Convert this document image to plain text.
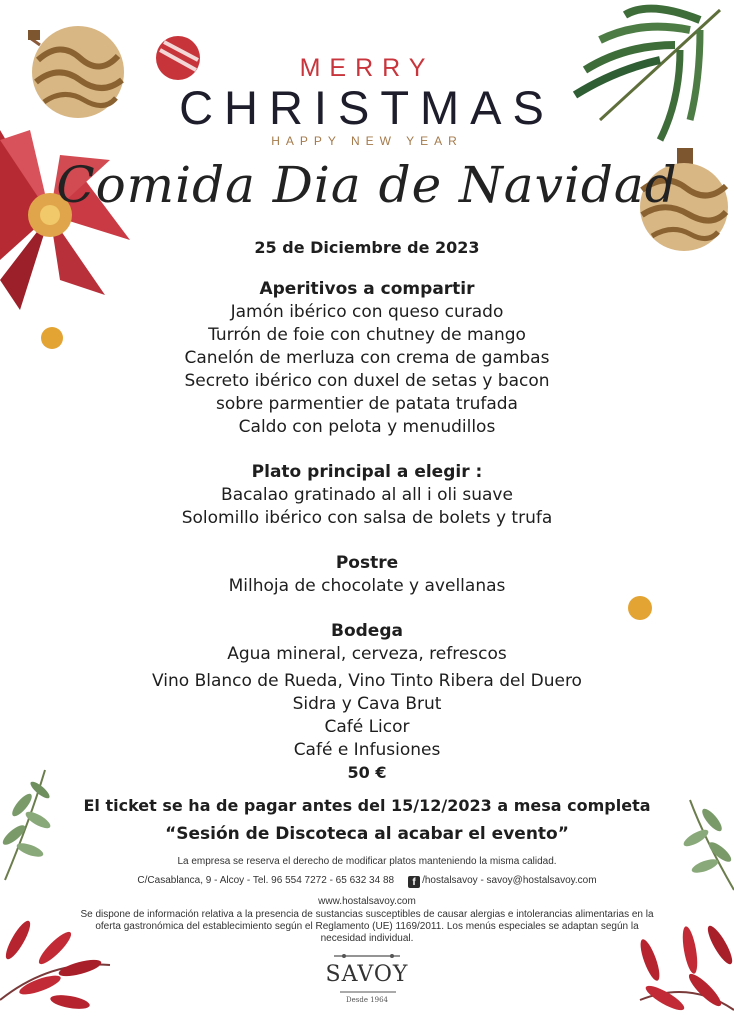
MERRY
CHRISTMAS
HAPPY NEW YEAR
Comida Dia de Navidad
25 de Diciembre de 2023
Aperitivos a compartir
Jamón ibérico con queso curado
Turrón de foie con chutney de mango
Canelón de merluza con crema de gambas
Secreto ibérico con duxel de setas y bacon
sobre parmentier de patata trufada
Caldo con pelota y menudillos
Plato principal a elegir :
Bacalao gratinado al all i oli suave
Solomillo ibérico con salsa de bolets y trufa
Postre
Milhoja de chocolate y avellanas
Bodega
Agua mineral, cerveza, refrescos
Vino Blanco de Rueda, Vino Tinto Ribera del Duero
Sidra y Cava Brut
Café Licor
Café e Infusiones
50 €
El ticket se ha de pagar antes del 15/12/2023 a mesa completa
“Sesión de Discoteca al acabar el evento”
La empresa se reserva el derecho de modificar platos manteniendo la misma calidad.
C/Casablanca, 9 - Alcoy - Tel. 96 554 7272 - 65 632 34 88 f /hostalsavoy - savoy@hostalsavoy.com
www.hostalsavoy.com
Se dispone de información relativa a la presencia de sustancias susceptibles de causar alergias e intolerancias alimentarias en la
oferta gastronómica del establecimiento según el Reglamento (UE) 1169/2011. Los menús especiales se adaptan según la
necesidad individual.
SAVOY
Desde 1964
